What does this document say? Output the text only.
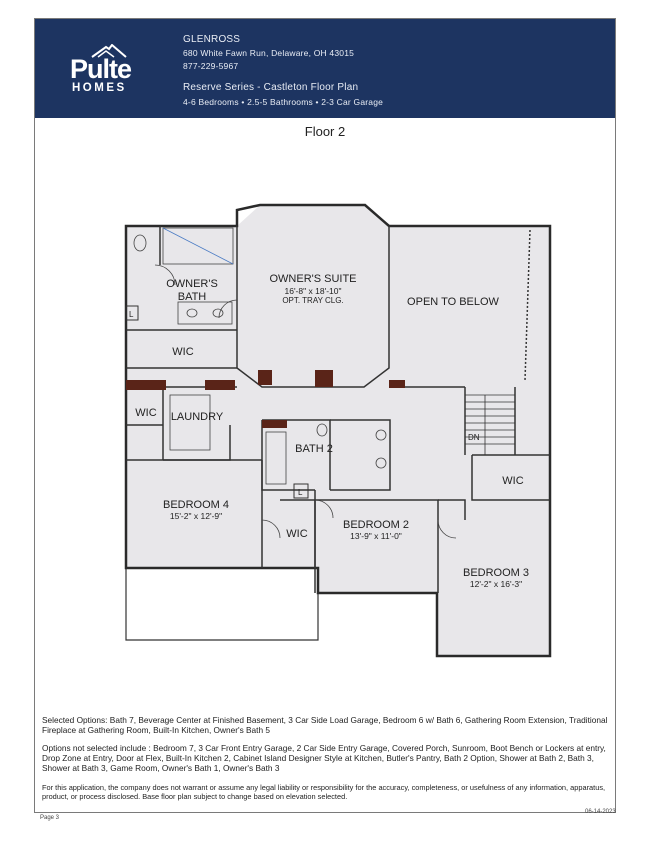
Pulte
HOMES
GLENROSS
680 White Fawn Run, Delaware, OH 43015
877-229-5967
Reserve Series - Castleton Floor Plan
4-6 Bedrooms • 2.5-5 Bathrooms • 2-3 Car Garage
Floor 2
OWNER'S SUITE
16'-8" x 18'-10"
OPT. TRAY CLG.
OWNER'S
BATH
WIC
OPEN TO BELOW
WIC LAUNDRY
BATH 2
BEDROOM 4
15'-2" x 12'-9"
BEDROOM 2
13'-9" x 11'-0"
BEDROOM 3
12'-2" x 16'-3"
WIC
WIC
DN
L
L
Selected Options: Bath 7, Beverage Center at Finished Basement, 3 Car Side Load Garage, Bedroom 6 w/ Bath 6, Gathering Room Extension, Traditional Fireplace at Gathering Room, Built-In Kitchen, Owner's Bath 5
Options not selected include : Bedroom 7, 3 Car Front Entry Garage, 2 Car Side Entry Garage, Covered Porch, Sunroom, Boot Bench or Lockers at entry, Drop Zone at Entry, Door at Flex, Built-In Kitchen 2, Cabinet Island Designer Style at Kitchen, Butler's Pantry, Bath 2 Option, Shower at Bath 2, Bath 3, Shower at Bath 3, Game Room, Owner's Bath 1, Owner's Bath 3
For this application, the company does not warrant or assume any legal liability or responsibility for the accuracy, completeness, or usefulness of any information, apparatus, product, or process disclosed. Base floor plan subject to change based on elevation selected.
Page 3
06-14-2023
